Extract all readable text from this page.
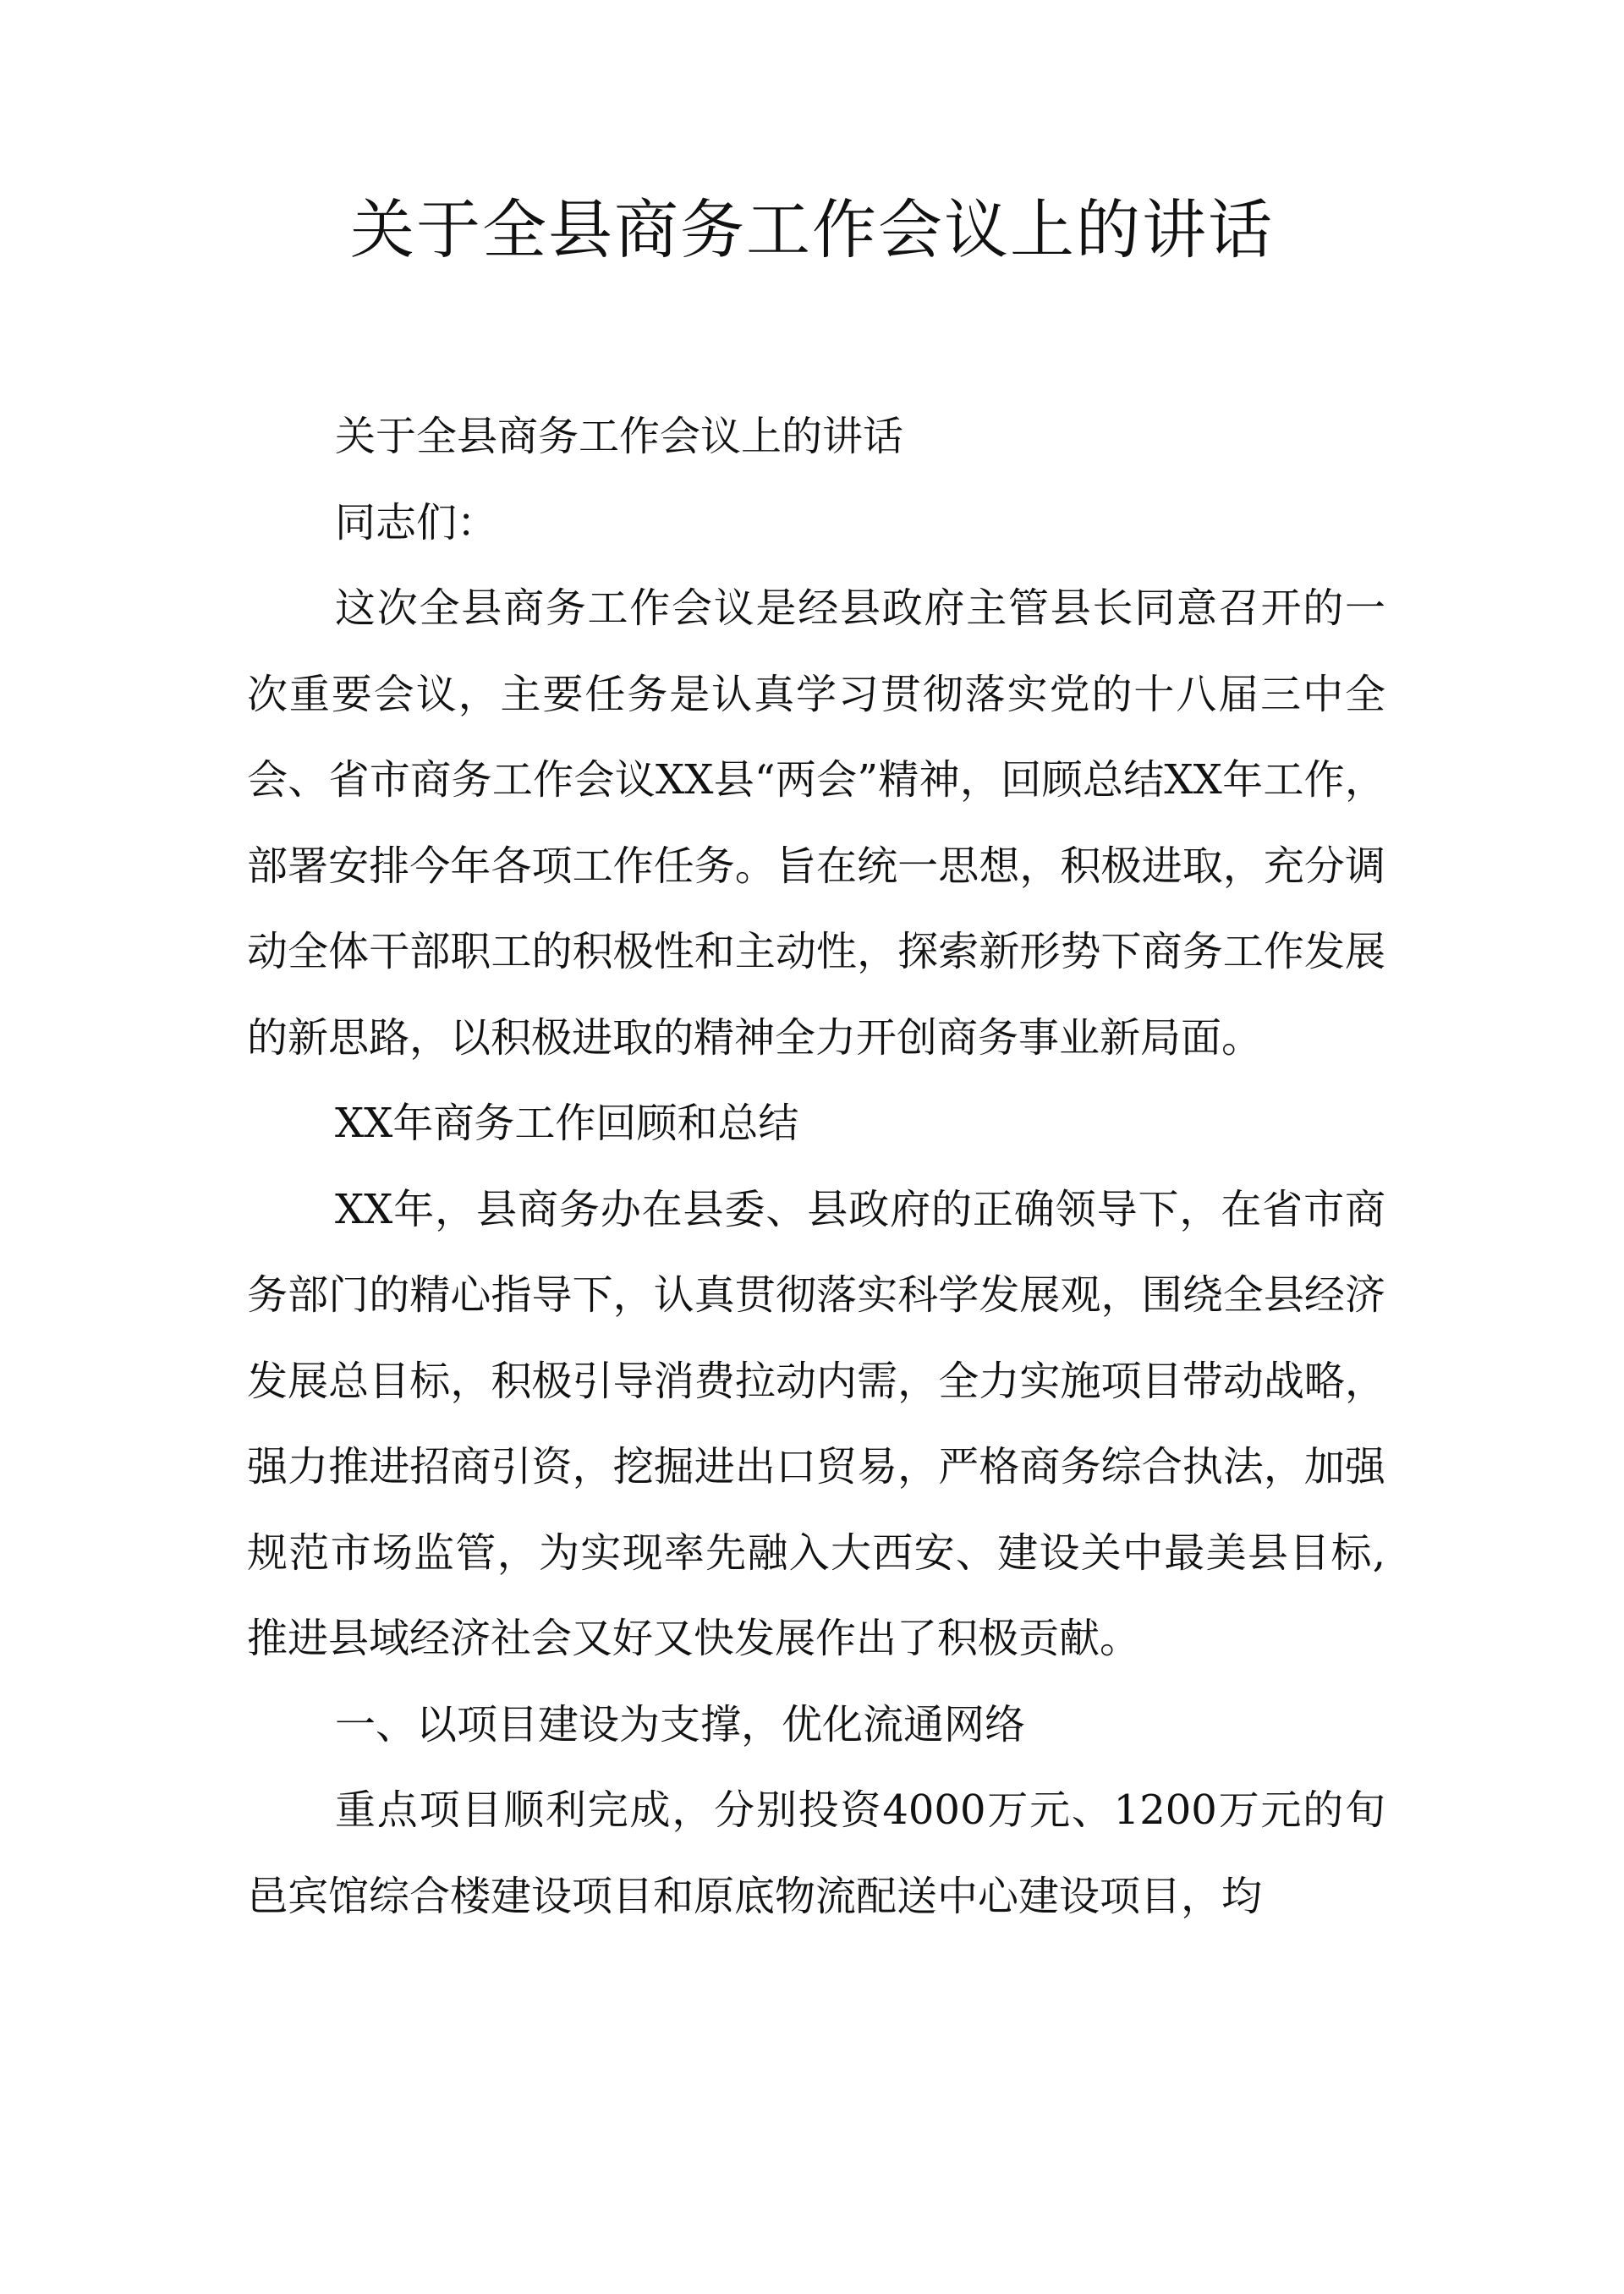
关于全县商务工作会议上的讲话

关于全县商务工作会议上的讲话

同志们：

这次全县商务工作会议是经县政府主管县长同意召开的一次重要会议，主要任务是认真学习贯彻落实党的十八届三中全会、省市商务工作会议XX县“两会”精神，回顾总结XX年工作，部署安排今年各项工作任务。旨在统一思想，积极进取，充分调动全体干部职工的积极性和主动性，探索新形势下商务工作发展的新思路，以积极进取的精神全力开创商务事业新局面。

XX年商务工作回顾和总结

XX年，县商务办在县委、县政府的正确领导下，在省市商务部门的精心指导下，认真贯彻落实科学发展观，围绕全县经济发展总目标，积极引导消费拉动内需，全力实施项目带动战略，强力推进招商引资，挖掘进出口贸易，严格商务综合执法，加强规范市场监管，为实现率先融入大西安、建设关中最美县目标,推进县域经济社会又好又快发展作出了积极贡献。

一、以项目建设为支撑，优化流通网络

重点项目顺利完成，分别投资4000万元、1200万元的旬邑宾馆综合楼建设项目和原底物流配送中心建设项目，均
